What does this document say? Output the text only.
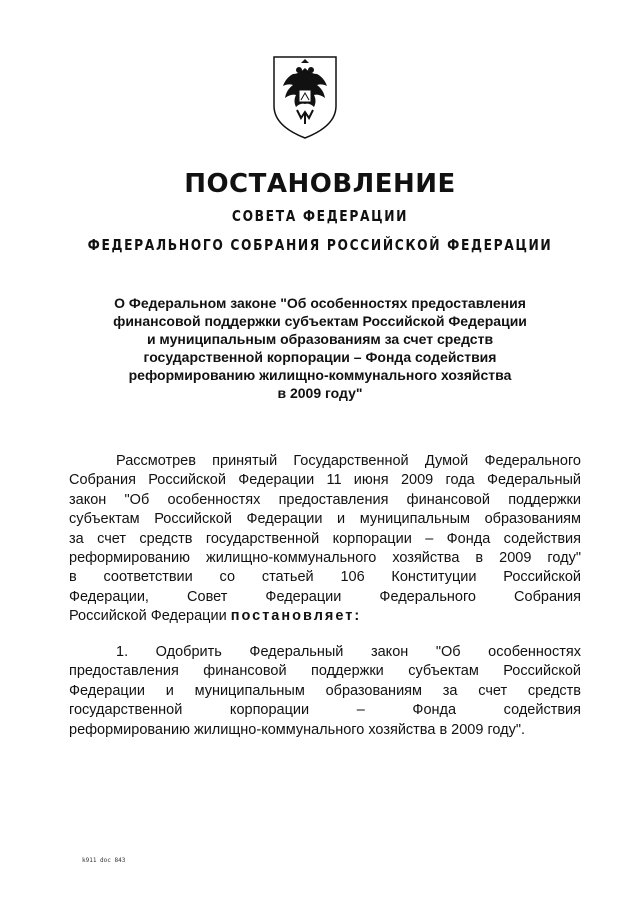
ПОСТАНОВЛЕНИЕ
СОВЕТА ФЕДЕРАЦИИ
ФЕДЕРАЛЬНОГО СОБРАНИЯ РОССИЙСКОЙ ФЕДЕРАЦИИ
О Федеральном законе "Об особенностях предоставления
финансовой поддержки субъектам Российской Федерации
и муниципальным образованиям за счет средств
государственной корпорации – Фонда содействия
реформированию жилищно-коммунального хозяйства
в 2009 году"
Рассмотрев принятый Государственной Думой Федерального
Собрания Российской Федерации 11 июня 2009 года Федеральный
закон "Об особенностях предоставления финансовой поддержки
субъектам Российской Федерации и муниципальным образованиям
за счет средств государственной корпорации – Фонда содействия
реформированию жилищно-коммунального хозяйства в 2009 году"
в соответствии со статьей 106 Конституции Российской
Федерации, Совет Федерации Федерального Собрания
Российской Федерации постановляет:
1. Одобрить Федеральный закон "Об особенностях
предоставления финансовой поддержки субъектам Российской
Федерации и муниципальным образованиям за счет средств
государственной корпорации – Фонда содействия
реформированию жилищно-коммунального хозяйства в 2009 году".
k911 doc 843
